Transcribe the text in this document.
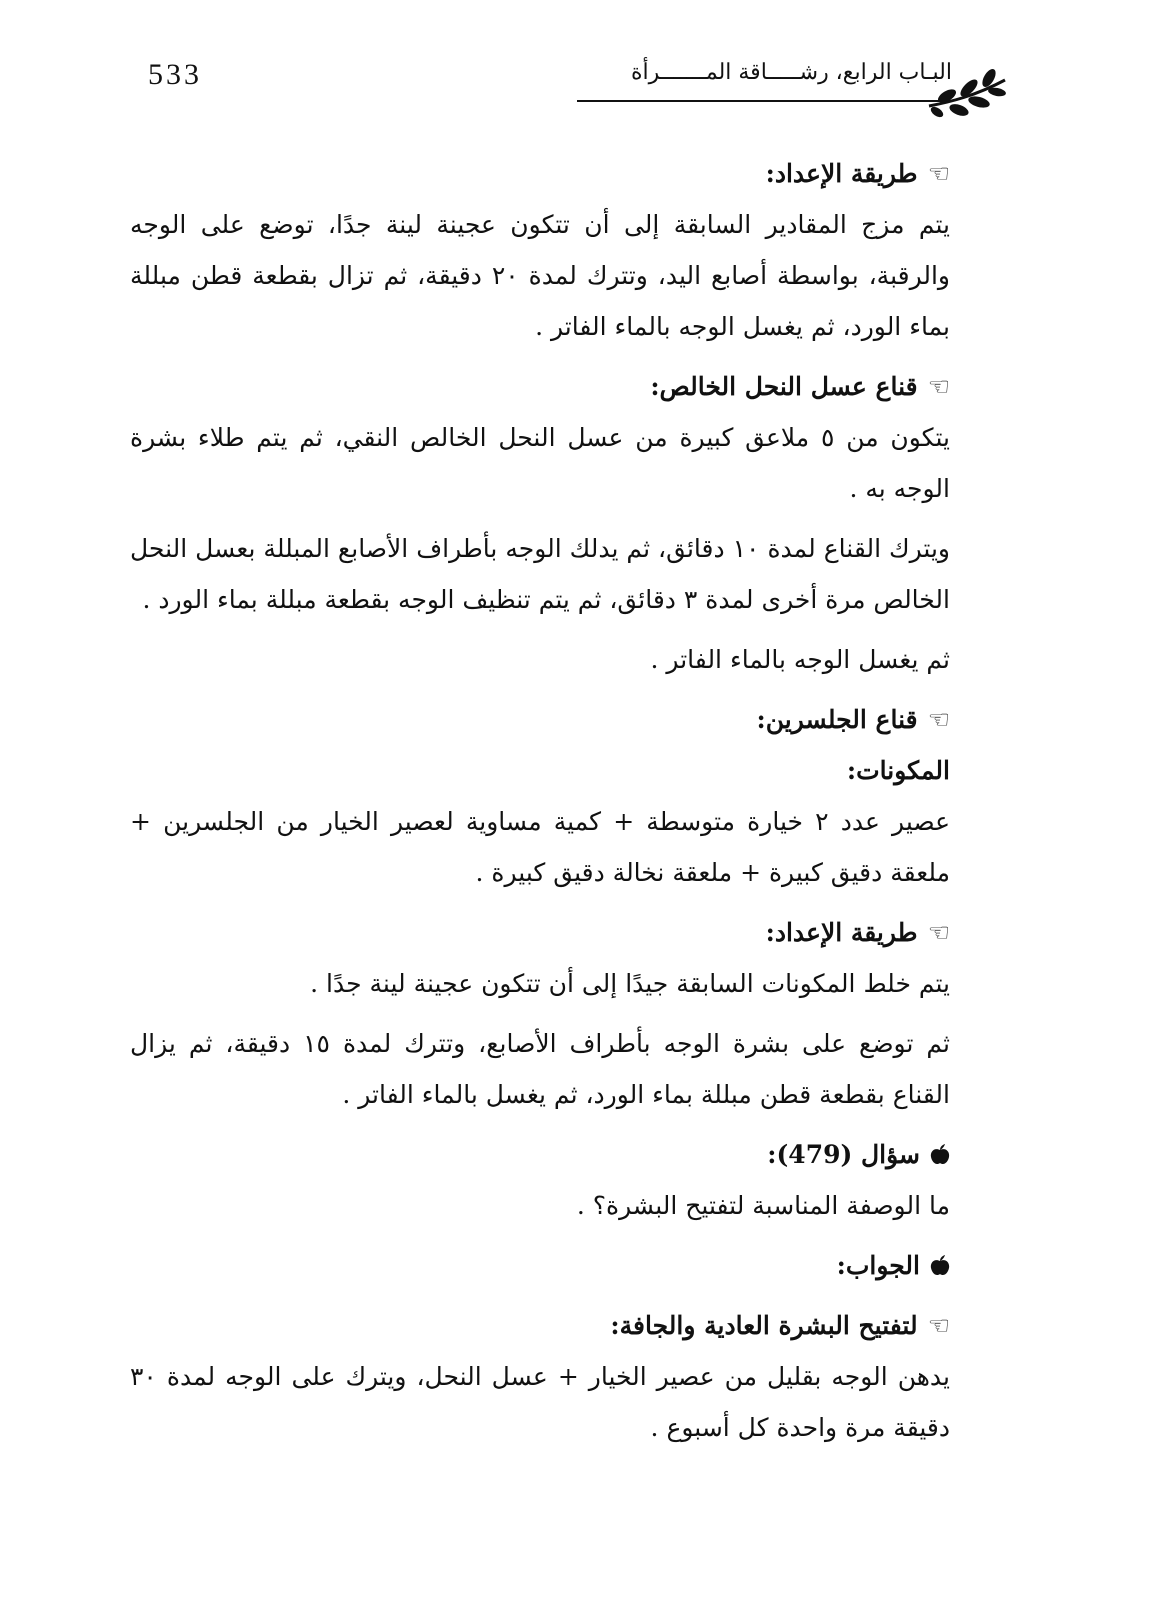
533	البـاب الرابع، رشـــــاقة المـــــــرأة

☜طريقة الإعداد:

يتم مزج المقادير السابقة إلى أن تتكون عجينة لينة جدًا، توضع على الوجه والرقبة، بواسطة أصابع اليد، وتترك لمدة ٢٠ دقيقة، ثم تزال بقطعة قطن مبللة بماء الورد، ثم يغسل الوجه بالماء الفاتر .

☜قناع عسل النحل الخالص:

يتكون من ٥ ملاعق كبيرة من عسل النحل الخالص النقي، ثم يتم طلاء بشرة الوجه به .

ويترك القناع لمدة ١٠ دقائق، ثم يدلك الوجه بأطراف الأصابع المبللة بعسل النحل الخالص مرة أخرى لمدة ٣ دقائق، ثم يتم تنظيف الوجه بقطعة مبللة بماء الورد .

ثم يغسل الوجه بالماء الفاتر .

☜قناع الجلسرين:

المكونات:

عصير عدد ٢ خيارة متوسطة + كمية مساوية لعصير الخيار من الجلسرين + ملعقة دقيق كبيرة + ملعقة نخالة دقيق كبيرة .

☜طريقة الإعداد:

يتم خلط المكونات السابقة جيدًا إلى أن تتكون عجينة لينة جدًا .

ثم توضع على بشرة الوجه بأطراف الأصابع، وتترك لمدة ١٥ دقيقة، ثم يزال القناع بقطعة قطن مبللة بماء الورد، ثم يغسل بالماء الفاتر .

سؤال (479):

ما الوصفة المناسبة لتفتيح البشرة؟ .

الجواب:

☜لتفتيح البشرة العادية والجافة:

يدهن الوجه بقليل من عصير الخيار + عسل النحل، ويترك على الوجه لمدة ٣٠ دقيقة مرة واحدة كل أسبوع .
